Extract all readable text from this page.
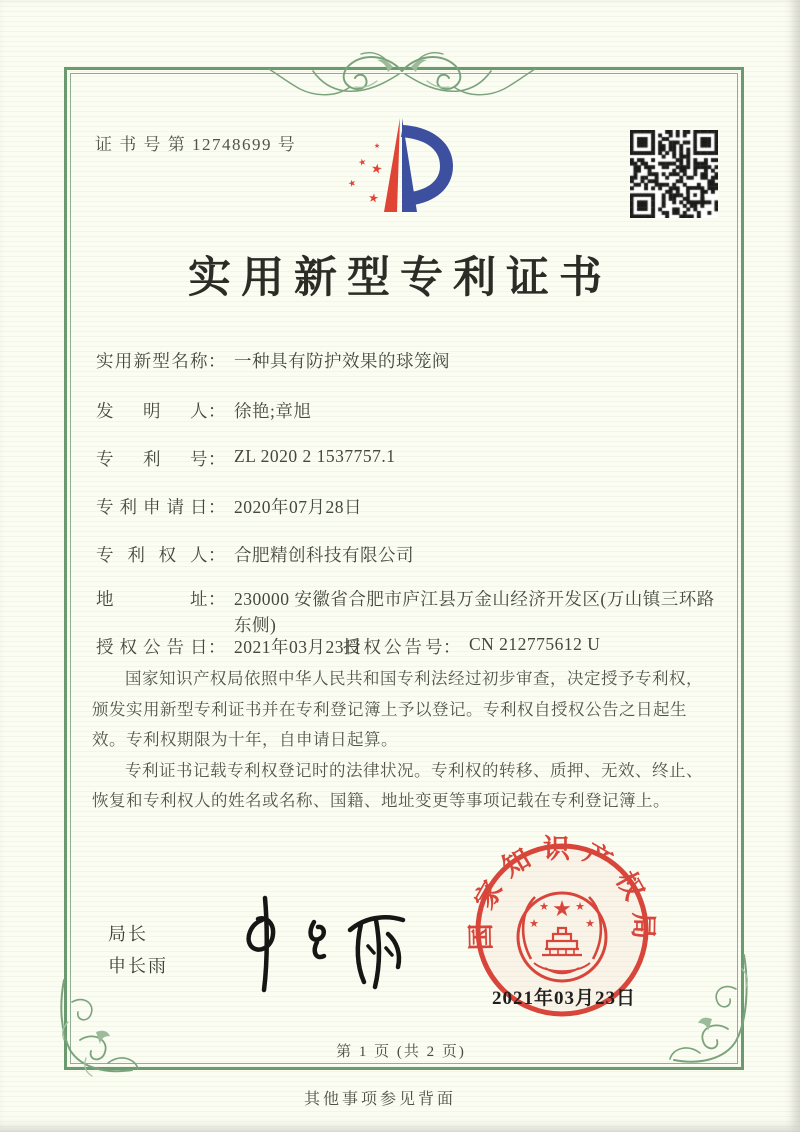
证 书 号 第 12748699 号	★
★ ★
★
★
实用新型专利证书
实用新型名称： 一种具有防护效果的球笼阀
发明人： 徐艳;章旭
专利号： ZL 2020 2 1537757.1
专利申请日： 2020年07月28日
专利权人： 合肥精创科技有限公司
地址： 230000 安徽省合肥市庐江县万金山经济开发区(万山镇三环路东侧)
授权公告日： 2021年03月23日
授权公告号： CN 212775612 U

国家知识产权局依照中华人民共和国专利法经过初步审查，决定授予专利权，颁发实用新型专利证书并在专利登记簿上予以登记。专利权自授权公告之日起生效。专利权期限为十年，自申请日起算。

专利证书记载专利权登记时的法律状况。专利权的转移、质押、无效、终止、恢复和专利权人的姓名或名称、国籍、地址变更等事项记载在专利登记簿上。

局长
申长雨
国家知识产权局
★
★
★ ★
★
2021年03月23日
第 1 页 (共 2 页)
其他事项参见背面
